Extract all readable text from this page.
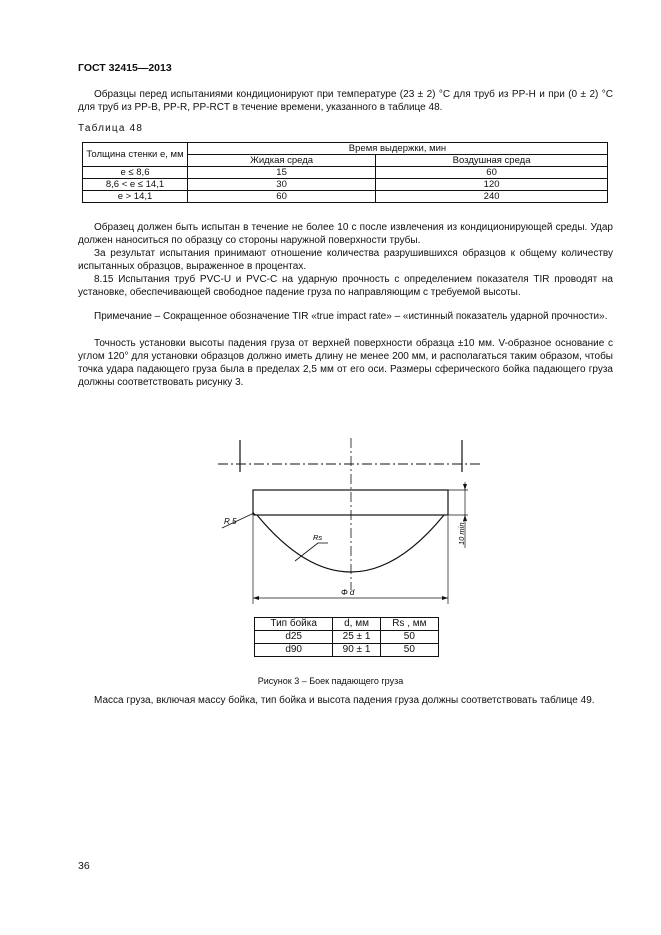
ГОСТ 32415—2013

Образцы перед испытаниями кондиционируют при температуре (23 ± 2) °С для труб из РР-Н и при (0 ± 2) °С для труб из РР-В, PP-R, PP-RCT в течение времени, указанного в таблице 48.

Таблица 48
Толщина стенки е, мм	Время выдержки, мин	
	Жидкая среда	Воздушная среда
е ≤ 8,6	15	60
8,6 < е ≤ 14,1	30	120
е > 14,1	60	240

Образец должен быть испытан в течение не более 10 с после извлечения из кондиционирующей среды. Удар должен наноситься по образцу со стороны наружной поверхности трубы.

За результат испытания принимают отношение количества разрушившихся образцов к общему количеству испытанных образцов, выраженное в процентах.

8.15 Испытания труб PVC-U и PVC-С на ударную прочность с определением показателя TIR проводят на установке, обеспечивающей свободное падение груза по направляющим с требуемой высоты.

Примечание – Сокращенное обозначение TIR «true impact rate» – «истинный показатель ударной прочности».

Точность установки высоты падения груза от верхней поверхности образца ±10 мм. V-образное основание с углом 120° для установки образцов должно иметь длину не менее 200 мм, и располагаться таким образом, чтобы точка удара падающего груза была в пределах 2,5 мм от его оси. Размеры сферического бойка падающего груза должны соответствовать рисунку 3.

R 5
Rs	10 min.
Φ d
Тип бойка	d, мм	Rs , мм
d25	25 ± 1	50
d90	90 ± 1	50
Рисунок 3 – Боек падающего груза

Масса груза, включая массу бойка, тип бойка и высота падения груза должны соответствовать таблице 49.

36
